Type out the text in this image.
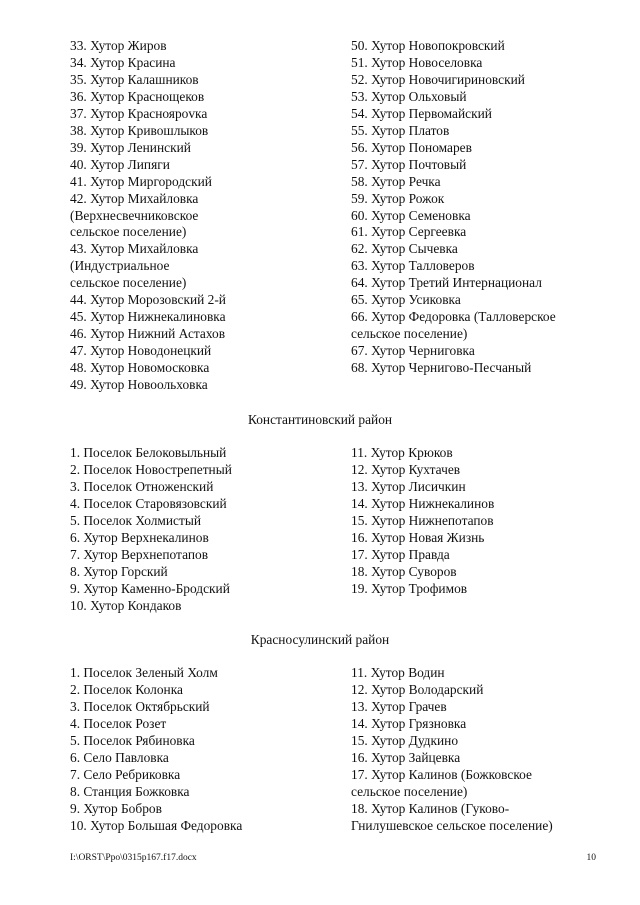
33. Хутор Жиров
34. Хутор Красина
35. Хутор Калашников
36. Хутор Краснощеков
37. Хутор Красноярovка
38. Хутор Кривошлыков
39. Хутор Ленинский
40. Хутор Липяги
41. Хутор Миргородский
42. Хутор Михайловка
(Верхнесвечниковское
сельское поселение)
43. Хутор Михайловка
(Индустриальное
сельское поселение)
44. Хутор Морозовский 2-й
45. Хутор Нижнекалиновка
46. Хутор Нижний Астахов
47. Хутор Новодонецкий
48. Хутор Новомосковка
49. Хутор Новоольховка
50. Хутор Новопокровский
51. Хутор Новоселовка
52. Хутор Новочигириновский
53. Хутор Ольховый
54. Хутор Первомайский
55. Хутор Платов
56. Хутор Пономарев
57. Хутор Почтовый
58. Хутор Речка
59. Хутор Рожок
60. Хутор Семеновка
61. Хутор Сергеевка
62. Хутор Сычевка
63. Хутор Талловеров
64. Хутор Третий Интернационал
65. Хутор Усиковка
66. Хутор Федоровка (Талловерское
сельское поселение)
67. Хутор Черниговка
68. Хутор Чернигово-Песчаный
Константиновский район
1. Поселок Белоковыльный
2. Поселок Новострепетный
3. Поселок Отноженский
4. Поселок Старовязовский
5. Поселок Холмистый
6. Хутор Верхнекалинов
7. Хутор Верхнепотапов
8. Хутор Горский
9. Хутор Каменно-Бродский
10. Хутор Кондаков
11. Хутор Крюков
12. Хутор Кухтачев
13. Хутор Лисичкин
14. Хутор Нижнекалинов
15. Хутор Нижнепотапов
16. Хутор Новая Жизнь
17. Хутор Правда
18. Хутор Суворов
19. Хутор Трофимов
Красносулинский район
1. Поселок Зеленый Холм
2. Поселок Колонка
3. Поселок Октябрьский
4. Поселок Розет
5. Поселок Рябиновка
6. Село Павловка
7. Село Ребриковка
8. Станция Божковка
9. Хутор Бобров
10. Хутор Большая Федоровка
11. Хутор Водин
12. Хутор Володарский
13. Хутор Грачев
14. Хутор Грязновка
15. Хутор Дудкино
16. Хутор Зайцевка
17. Хутор Калинов (Божковское
сельское поселение)
18. Хутор Калинов (Гуково-
Гнилушевское сельское поселение)
I:\ORST\Ppo\0315p167.f17.docx	10
